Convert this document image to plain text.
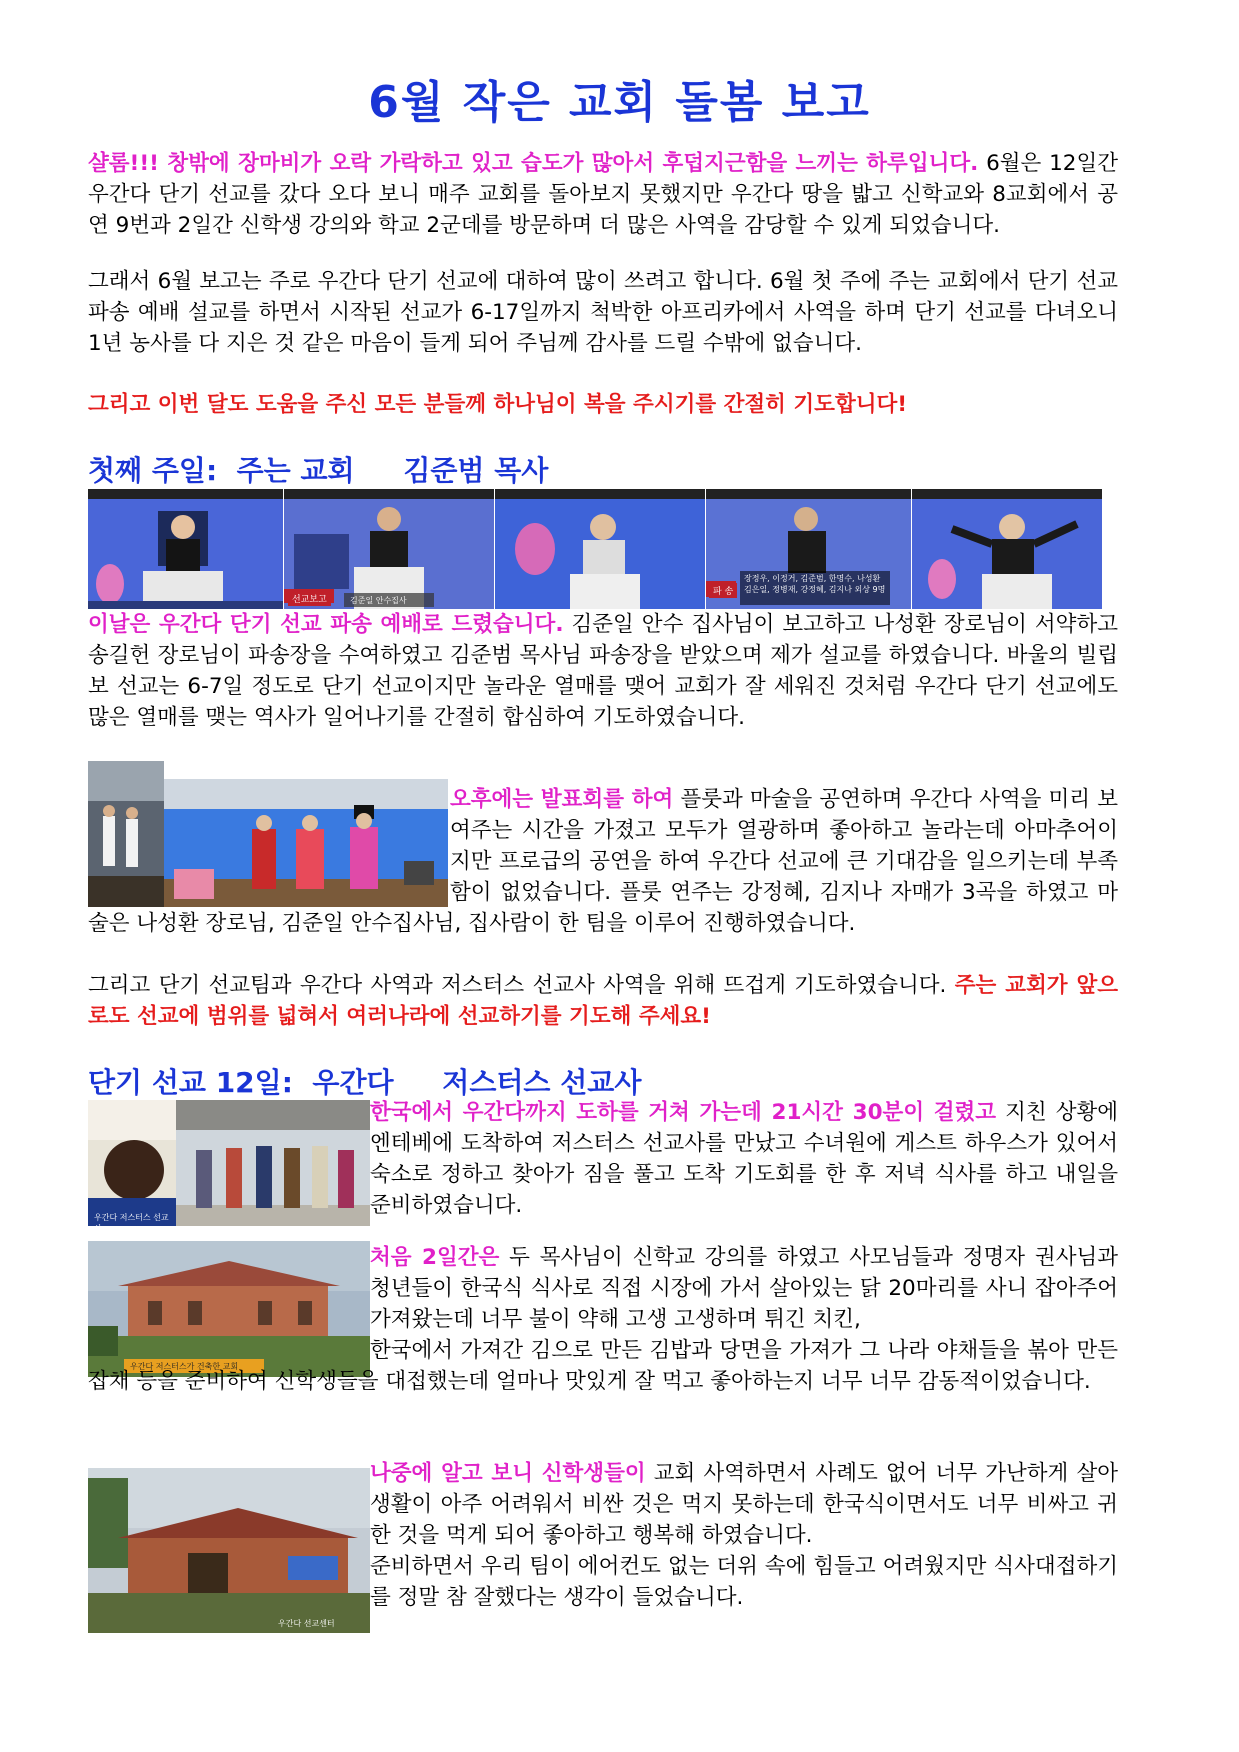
6월 작은 교회 돌봄 보고
샬롬!!! 창밖에 장마비가 오락 가락하고 있고 습도가 많아서 후덥지근함을 느끼는 하루입니다. 6월은 12일간 우간다 단기 선교를 갔다 오다 보니 매주 교회를 돌아보지 못했지만 우간다 땅을 밟고 신학교와 8교회에서 공연 9번과 2일간 신학생 강의와 학교 2군데를 방문하며 더 많은 사역을 감당할 수 있게 되었습니다.
그래서 6월 보고는 주로 우간다 단기 선교에 대하여 많이 쓰려고 합니다. 6월 첫 주에 주는 교회에서 단기 선교 파송 예배 설교를 하면서 시작된 선교가 6-17일까지 척박한 아프리카에서 사역을 하며 단기 선교를 다녀오니 1년 농사를 다 지은 것 같은 마음이 들게 되어 주님께 감사를 드릴 수밖에 없습니다.
그리고 이번 달도 도움을 주신 모든 분들께 하나님이 복을 주시기를 간절히 기도합니다!
첫째 주일:  주는 교회     김준범 목사
선교보고	김준일 안수집사
파 송
장정우, 이정거, 김준범, 한명수, 나성환
김은일, 정병재, 강정혜, 김지나 외상 9명
이날은 우간다 단기 선교 파송 예배로 드렸습니다. 김준일 안수 집사님이 보고하고 나성환 장로님이 서약하고 송길헌 장로님이 파송장을 수여하였고 김준범 목사님 파송장을 받았으며 제가 설교를 하였습니다. 바울의 빌립보 선교는 6-7일 정도로 단기 선교이지만 놀라운 열매를 맺어 교회가 잘 세워진 것처럼 우간다 단기 선교에도 많은 열매를 맺는 역사가 일어나기를 간절히 합심하여 기도하였습니다.
오후에는 발표회를 하여 플룻과 마술을 공연하며 우간다 사역을 미리 보여주는 시간을 가졌고 모두가 열광하며 좋아하고 놀라는데 아마추어이지만 프로급의 공연을 하여 우간다 선교에 큰 기대감을 일으키는데 부족함이 없었습니다. 플룻 연주는 강정혜, 김지나 자매가 3곡을 하였고 마술은 나성환 장로님, 김준일 안수집사님, 집사람이 한 팀을 이루어 진행하였습니다.
그리고 단기 선교팀과 우간다 사역과 저스터스 선교사 사역을 위해 뜨겁게 기도하였습니다. 주는 교회가 앞으로도 선교에 범위를 넓혀서 여러나라에 선교하기를 기도해 주세요!
단기 선교 12일:  우간다     저스터스 선교사
우간다 저스터스 선교사
우간다 저스터스가 건축한 교회
우간다 선교센터
한국에서 우간다까지 도하를 거쳐 가는데 21시간 30분이 걸렸고 지친 상황에 엔테베에 도착하여 저스터스 선교사를 만났고 수녀원에 게스트 하우스가 있어서 숙소로 정하고 찾아가 짐을 풀고 도착 기도회를 한 후 저녁 식사를 하고 내일을 준비하였습니다.
처음 2일간은 두 목사님이 신학교 강의를 하였고 사모님들과 정명자 권사님과 청년들이 한국식 식사로 직접 시장에 가서 살아있는 닭 20마리를 사니 잡아주어 가져왔는데 너무 불이 약해 고생 고생하며 튀긴 치킨,
한국에서 가져간 김으로 만든 김밥과 당면을 가져가 그 나라 야채들을 볶아 만든 잡채 등을 준비하여 신학생들을 대접했는데 얼마나 맛있게 잘 먹고 좋아하는지 너무 너무 감동적이었습니다.
나중에 알고 보니 신학생들이 교회 사역하면서 사례도 없어 너무 가난하게 살아 생활이 아주 어려워서 비싼 것은 먹지 못하는데 한국식이면서도 너무 비싸고 귀한 것을 먹게 되어 좋아하고 행복해 하였습니다.
준비하면서 우리 팀이 에어컨도 없는 더위 속에 힘들고 어려웠지만 식사대접하기를 정말 참 잘했다는 생각이 들었습니다.
